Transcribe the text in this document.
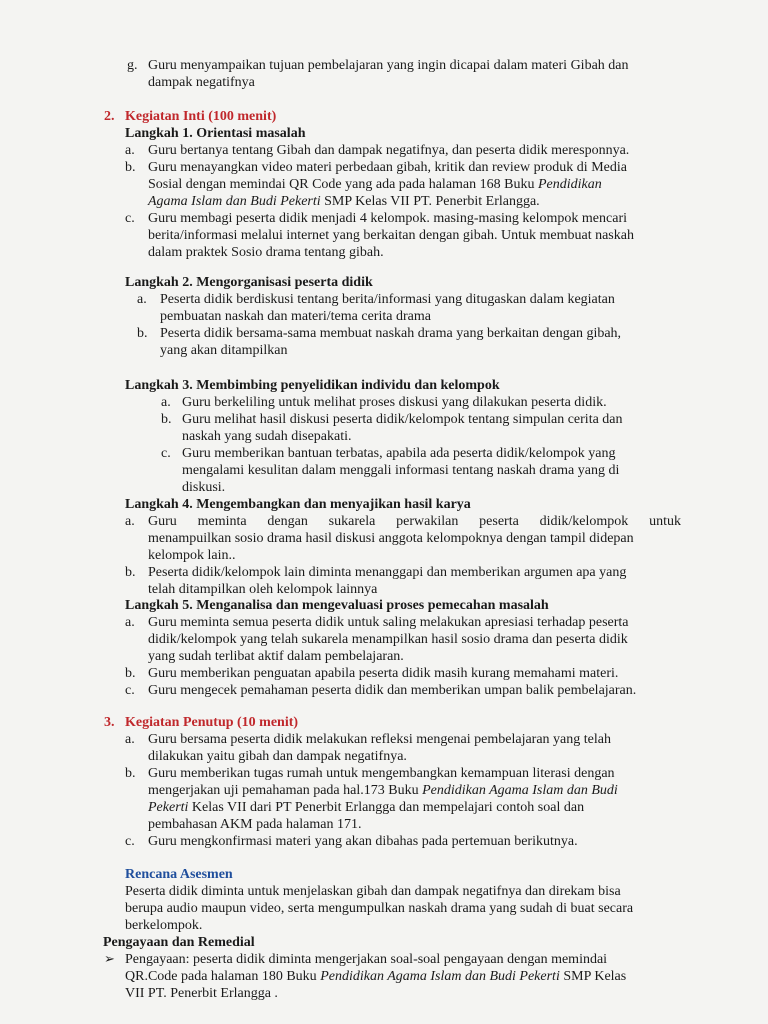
g. Guru menyampaikan tujuan pembelajaran yang ingin dicapai dalam materi Gibah dan
dampak negatifnya
2. Kegiatan Inti (100 menit)
Langkah 1. Orientasi masalah
a. Guru bertanya tentang Gibah dan dampak negatifnya, dan peserta didik meresponnya.
b. Guru menayangkan video materi perbedaan gibah, kritik dan review produk di Media
Sosial dengan memindai QR Code yang ada pada halaman 168 Buku Pendidikan
Agama Islam dan Budi Pekerti SMP Kelas VII PT. Penerbit Erlangga.
c. Guru membagi peserta didik menjadi 4 kelompok. masing-masing kelompok mencari
berita/informasi melalui internet yang berkaitan dengan gibah. Untuk membuat naskah
dalam praktek Sosio drama tentang gibah.
Langkah 2. Mengorganisasi peserta didik
a. Peserta didik berdiskusi tentang berita/informasi yang ditugaskan dalam kegiatan
pembuatan naskah dan materi/tema cerita drama
b. Peserta didik bersama-sama membuat naskah drama yang berkaitan dengan gibah,
yang akan ditampilkan
Langkah 3. Membimbing penyelidikan individu dan kelompok
a. Guru berkeliling untuk melihat proses diskusi yang dilakukan peserta didik.
b. Guru melihat hasil diskusi peserta didik/kelompok tentang simpulan cerita dan
naskah yang sudah disepakati.
c. Guru memberikan bantuan terbatas, apabila ada peserta didik/kelompok yang
mengalami kesulitan dalam menggali informasi tentang naskah drama yang di
diskusi.
Langkah 4. Mengembangkan dan menyajikan hasil karya
a. Guru meminta dengan sukarela perwakilan peserta didik/kelompok untuk
menampuilkan sosio drama hasil diskusi anggota kelompoknya dengan tampil didepan
kelompok lain..
b. Peserta didik/kelompok lain diminta menanggapi dan memberikan argumen apa yang
telah ditampilkan oleh kelompok lainnya
Langkah 5. Menganalisa dan mengevaluasi proses pemecahan masalah
a. Guru meminta semua peserta didik untuk saling melakukan apresiasi terhadap peserta
didik/kelompok yang telah sukarela menampilkan hasil sosio drama dan peserta didik
yang sudah terlibat aktif dalam pembelajaran.
b. Guru memberikan penguatan apabila peserta didik masih kurang memahami materi.
c. Guru mengecek pemahaman peserta didik dan memberikan umpan balik pembelajaran.
3. Kegiatan Penutup (10 menit)
a. Guru bersama peserta didik melakukan refleksi mengenai pembelajaran yang telah
dilakukan yaitu gibah dan dampak negatifnya.
b. Guru memberikan tugas rumah untuk mengembangkan kemampuan literasi dengan
mengerjakan uji pemahaman pada hal.173 Buku Pendidikan Agama Islam dan Budi
Pekerti Kelas VII dari PT Penerbit Erlangga dan mempelajari contoh soal dan
pembahasan AKM pada halaman 171.
c. Guru mengkonfirmasi materi yang akan dibahas pada pertemuan berikutnya.
Rencana Asesmen
Peserta didik diminta untuk menjelaskan gibah dan dampak negatifnya dan direkam bisa
berupa audio maupun video, serta mengumpulkan naskah drama yang sudah di buat secara
berkelompok.
Pengayaan dan Remedial
➢ Pengayaan: peserta didik diminta mengerjakan soal-soal pengayaan dengan memindai
QR.Code pada halaman 180 Buku Pendidikan Agama Islam dan Budi Pekerti SMP Kelas
VII PT. Penerbit Erlangga .
